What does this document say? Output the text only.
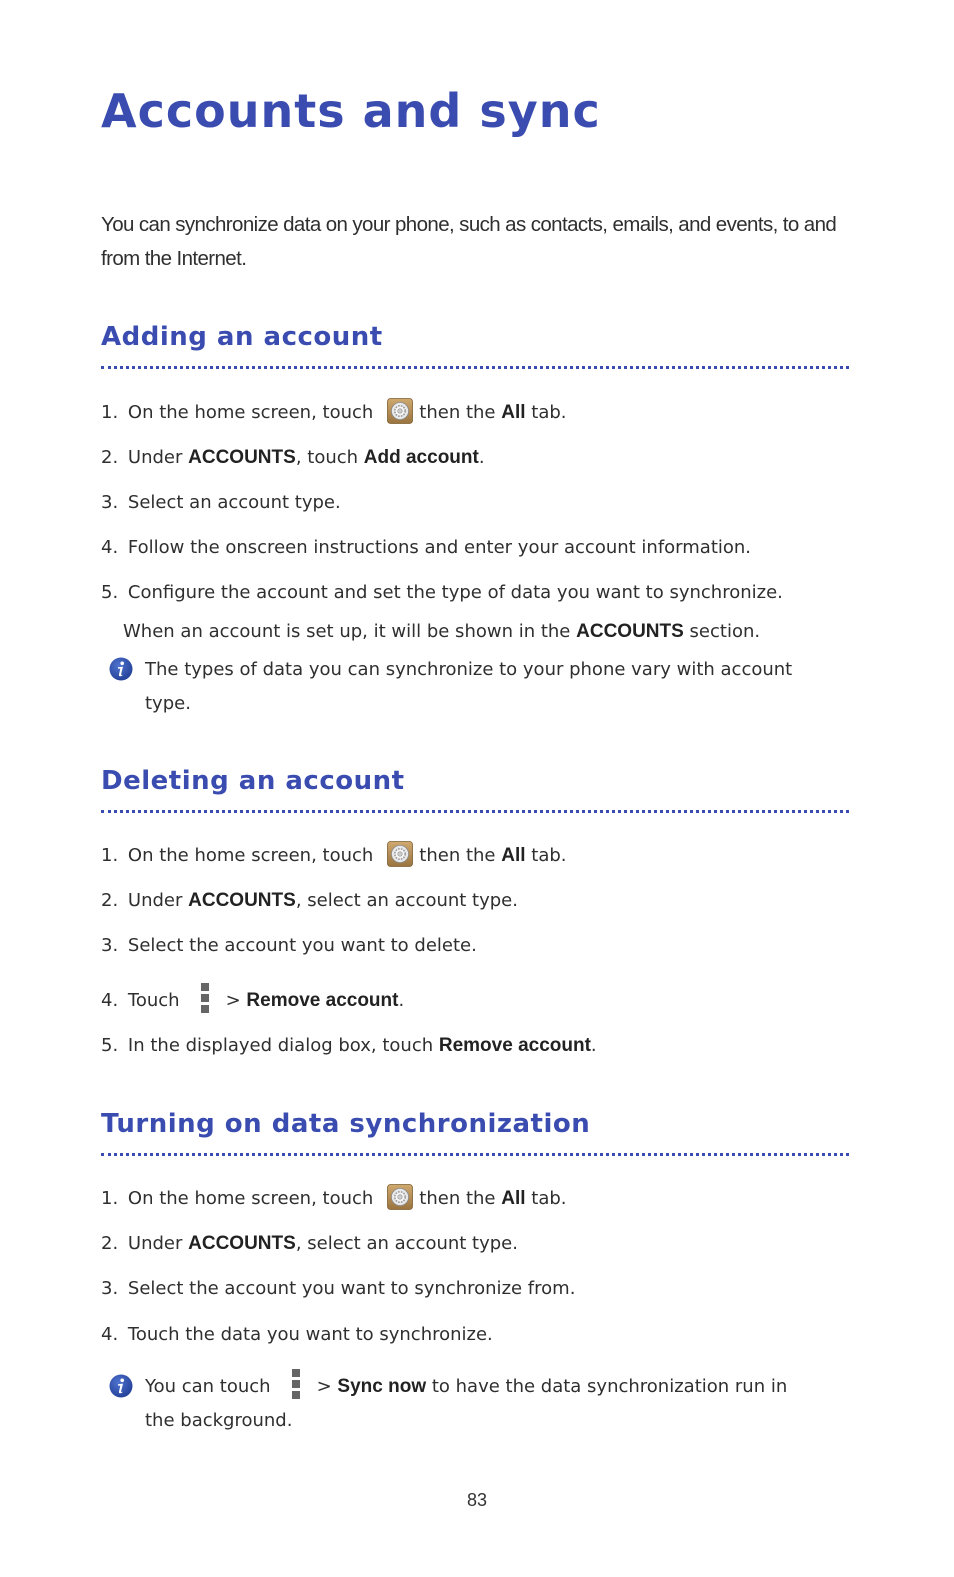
Accounts and sync

You can synchronize data on your phone, such as contacts, emails, and events, to and from the Internet.

Adding an account
1. On the home screen, touch	then the All tab.
2. Under ACCOUNTS, touch Add account.
3. Select an account type.
4. Follow the onscreen instructions and enter your account information.
5. Configure the account and set the type of data you want to synchronize.
When an account is set up, it will be shown in the ACCOUNTS section.
The types of data you can synchronize to your phone vary with account type.
Deleting an account
1. On the home screen, touch	then the All tab.
2. Under ACCOUNTS, select an account type.
3. Select the account you want to delete.
4. Touch	> Remove account.
5. In the displayed dialog box, touch Remove account.
Turning on data synchronization
1. On the home screen, touch	then the All tab.
2. Under ACCOUNTS, select an account type.
3. Select the account you want to synchronize from.
4. Touch the data you want to synchronize.
You can touch	> Sync now to have the data synchronization run in the background.
83
